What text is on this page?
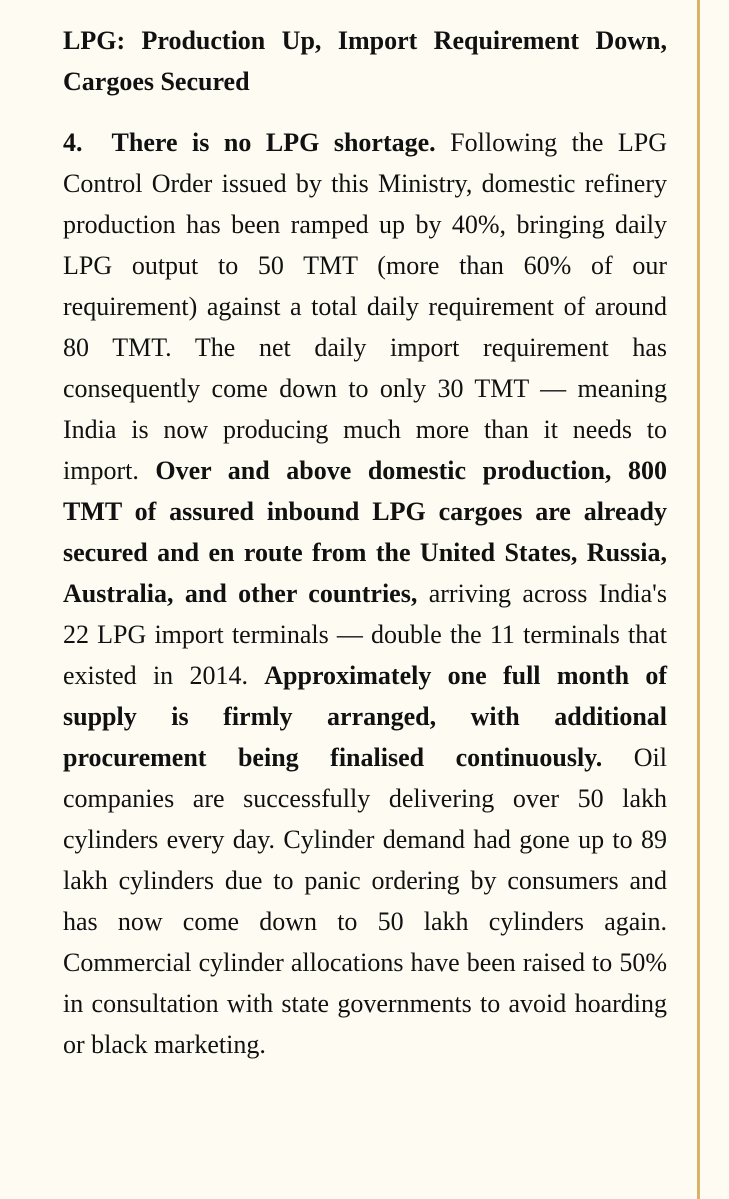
LPG: Production Up, Import Requirement Down, Cargoes Secured

4. There is no LPG shortage. Following the LPG Control Order issued by this Ministry, domestic refinery production has been ramped up by 40%, bringing daily LPG output to 50 TMT (more than 60% of our requirement) against a total daily requirement of around 80 TMT. The net daily import requirement has consequently come down to only 30 TMT — meaning India is now producing much more than it needs to import. Over and above domestic production, 800 TMT of assured inbound LPG cargoes are already secured and en route from the United States, Russia, Australia, and other countries, arriving across India's 22 LPG import terminals — double the 11 terminals that existed in 2014. Approximately one full month of supply is firmly arranged, with additional procurement being finalised continuously. Oil companies are successfully delivering over 50 lakh cylinders every day. Cylinder demand had gone up to 89 lakh cylinders due to panic ordering by consumers and has now come down to 50 lakh cylinders again. Commercial cylinder allocations have been raised to 50% in consultation with state governments to avoid hoarding or black marketing.
